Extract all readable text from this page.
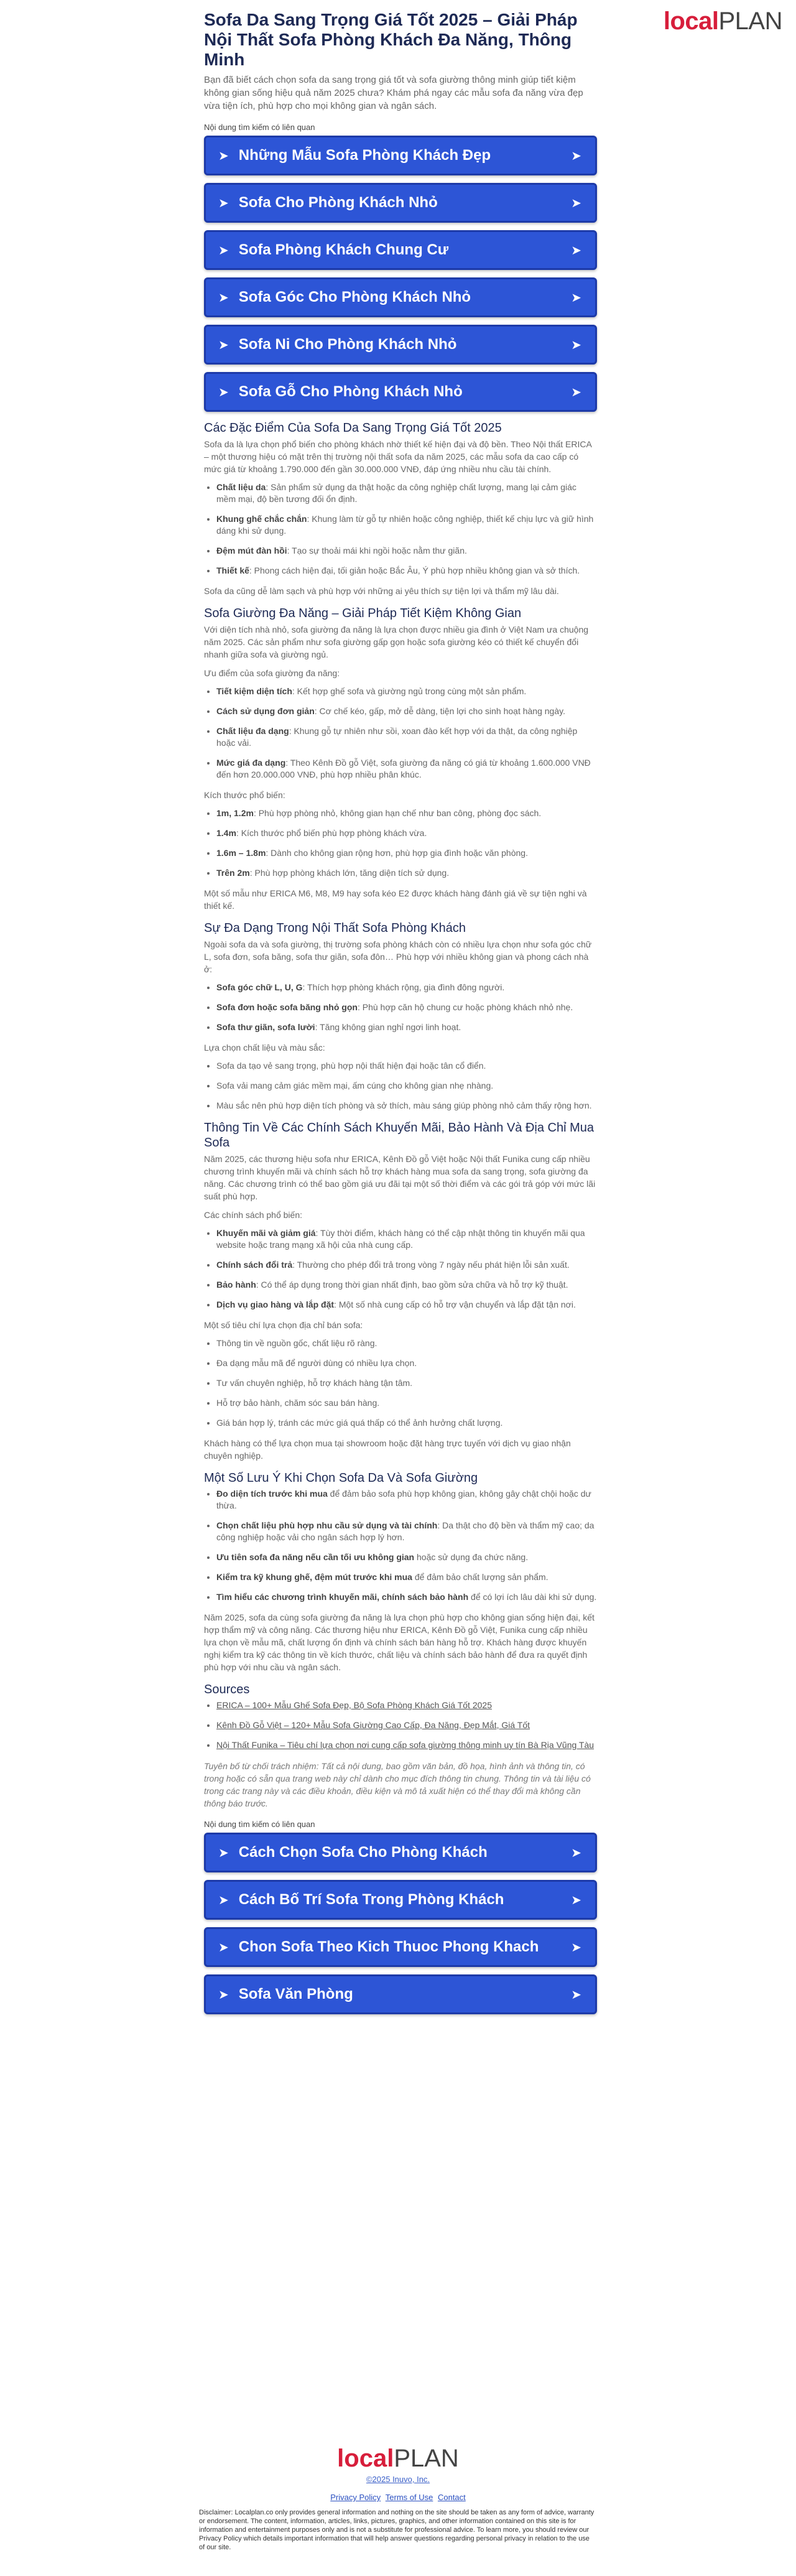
localPLAN
Sofa Da Sang Trọng Giá Tốt 2025 – Giải Pháp Nội Thất Sofa Phòng Khách Đa Năng, Thông Minh

Bạn đã biết cách chọn sofa da sang trọng giá tốt và sofa giường thông minh giúp tiết kiệm không gian sống hiệu quả năm 2025 chưa? Khám phá ngay các mẫu sofa đa năng vừa đẹp vừa tiện ích, phù hợp cho mọi không gian và ngân sách.

Nội dung tìm kiếm có liên quan
➤ Những Mẫu Sofa Phòng Khách Đẹp	➤
➤ Sofa Cho Phòng Khách Nhỏ	➤
➤ Sofa Phòng Khách Chung Cư	➤
➤ Sofa Góc Cho Phòng Khách Nhỏ	➤
➤ Sofa Ni Cho Phòng Khách Nhỏ	➤
➤ Sofa Gỗ Cho Phòng Khách Nhỏ	➤
Các Đặc Điểm Của Sofa Da Sang Trọng Giá Tốt 2025

Sofa da là lựa chọn phổ biến cho phòng khách nhờ thiết kế hiện đại và độ bền. Theo Nội thất ERICA – một thương hiệu có mặt trên thị trường nội thất sofa da năm 2025, các mẫu sofa da cao cấp có mức giá từ khoảng 1.790.000 đến gần 30.000.000 VNĐ, đáp ứng nhiều nhu cầu tài chính.

• Chất liệu da: Sản phẩm sử dụng da thật hoặc da công nghiệp chất lượng, mang lại cảm giác mềm mại, độ bền tương đối ổn định.
• Khung ghế chắc chắn: Khung làm từ gỗ tự nhiên hoặc công nghiệp, thiết kế chịu lực và giữ hình dáng khi sử dụng.
• Đệm mút đàn hồi: Tạo sự thoải mái khi ngồi hoặc nằm thư giãn.
• Thiết kế: Phong cách hiện đại, tối giản hoặc Bắc Âu, Ý phù hợp nhiều không gian và sở thích.

Sofa da cũng dễ làm sạch và phù hợp với những ai yêu thích sự tiện lợi và thẩm mỹ lâu dài.

Sofa Giường Đa Năng – Giải Pháp Tiết Kiệm Không Gian

Với diện tích nhà nhỏ, sofa giường đa năng là lựa chọn được nhiều gia đình ở Việt Nam ưa chuộng năm 2025. Các sản phẩm như sofa giường gấp gọn hoặc sofa giường kéo có thiết kế chuyển đổi nhanh giữa sofa và giường ngủ.

Ưu điểm của sofa giường đa năng:

• Tiết kiệm diện tích: Kết hợp ghế sofa và giường ngủ trong cùng một sản phẩm.
• Cách sử dụng đơn giản: Cơ chế kéo, gấp, mở dễ dàng, tiện lợi cho sinh hoạt hàng ngày.
• Chất liệu đa dạng: Khung gỗ tự nhiên như sồi, xoan đào kết hợp với da thật, da công nghiệp hoặc vải.
• Mức giá đa dạng: Theo Kênh Đồ gỗ Việt, sofa giường đa năng có giá từ khoảng 1.600.000 VNĐ đến hơn 20.000.000 VNĐ, phù hợp nhiều phân khúc.

Kích thước phổ biến:

• 1m, 1.2m: Phù hợp phòng nhỏ, không gian hạn chế như ban công, phòng đọc sách.
• 1.4m: Kích thước phổ biến phù hợp phòng khách vừa.
• 1.6m – 1.8m: Dành cho không gian rộng hơn, phù hợp gia đình hoặc văn phòng.
• Trên 2m: Phù hợp phòng khách lớn, tăng diện tích sử dụng.

Một số mẫu như ERICA M6, M8, M9 hay sofa kéo E2 được khách hàng đánh giá về sự tiện nghi và thiết kế.

Sự Đa Dạng Trong Nội Thất Sofa Phòng Khách

Ngoài sofa da và sofa giường, thị trường sofa phòng khách còn có nhiều lựa chọn như sofa góc chữ L, sofa đơn, sofa băng, sofa thư giãn, sofa đôn… Phù hợp với nhiều không gian và phong cách nhà ở:

• Sofa góc chữ L, U, G: Thích hợp phòng khách rộng, gia đình đông người.
• Sofa đơn hoặc sofa băng nhỏ gọn: Phù hợp căn hộ chung cư hoặc phòng khách nhỏ nhẹ.
• Sofa thư giãn, sofa lười: Tăng không gian nghỉ ngơi linh hoạt.

Lựa chọn chất liệu và màu sắc:

• Sofa da tạo vẻ sang trọng, phù hợp nội thất hiện đại hoặc tân cổ điển.
• Sofa vải mang cảm giác mềm mại, ấm cúng cho không gian nhẹ nhàng.
• Màu sắc nên phù hợp diện tích phòng và sở thích, màu sáng giúp phòng nhỏ cảm thấy rộng hơn.
Thông Tin Về Các Chính Sách Khuyến Mãi, Bảo Hành Và Địa Chỉ Mua Sofa

Năm 2025, các thương hiệu sofa như ERICA, Kênh Đồ gỗ Việt hoặc Nội thất Funika cung cấp nhiều chương trình khuyến mãi và chính sách hỗ trợ khách hàng mua sofa da sang trọng, sofa giường đa năng. Các chương trình có thể bao gồm giá ưu đãi tại một số thời điểm và các gói trả góp với mức lãi suất phù hợp.

Các chính sách phổ biến:

• Khuyến mãi và giảm giá: Tùy thời điểm, khách hàng có thể cập nhật thông tin khuyến mãi qua website hoặc trang mạng xã hội của nhà cung cấp.
• Chính sách đổi trả: Thường cho phép đổi trả trong vòng 7 ngày nếu phát hiện lỗi sản xuất.
• Bảo hành: Có thể áp dụng trong thời gian nhất định, bao gồm sửa chữa và hỗ trợ kỹ thuật.
• Dịch vụ giao hàng và lắp đặt: Một số nhà cung cấp có hỗ trợ vận chuyển và lắp đặt tận nơi.

Một số tiêu chí lựa chọn địa chỉ bán sofa:

• Thông tin về nguồn gốc, chất liệu rõ ràng.
• Đa dạng mẫu mã để người dùng có nhiều lựa chọn.
• Tư vấn chuyên nghiệp, hỗ trợ khách hàng tận tâm.
• Hỗ trợ bảo hành, chăm sóc sau bán hàng.
• Giá bán hợp lý, tránh các mức giá quá thấp có thể ảnh hưởng chất lượng.

Khách hàng có thể lựa chọn mua tại showroom hoặc đặt hàng trực tuyến với dịch vụ giao nhận chuyên nghiệp.

Một Số Lưu Ý Khi Chọn Sofa Da Và Sofa Giường
• Đo diện tích trước khi mua để đảm bảo sofa phù hợp không gian, không gây chật chội hoặc dư thừa.
• Chọn chất liệu phù hợp nhu cầu sử dụng và tài chính: Da thật cho độ bền và thẩm mỹ cao; da công nghiệp hoặc vải cho ngân sách hợp lý hơn.
• Ưu tiên sofa đa năng nếu cần tối ưu không gian hoặc sử dụng đa chức năng.
• Kiểm tra kỹ khung ghế, đệm mút trước khi mua để đảm bảo chất lượng sản phẩm.
• Tìm hiểu các chương trình khuyến mãi, chính sách bảo hành để có lợi ích lâu dài khi sử dụng.

Năm 2025, sofa da cùng sofa giường đa năng là lựa chọn phù hợp cho không gian sống hiện đại, kết hợp thẩm mỹ và công năng. Các thương hiệu như ERICA, Kênh Đồ gỗ Việt, Funika cung cấp nhiều lựa chọn về mẫu mã, chất lượng ổn định và chính sách bán hàng hỗ trợ. Khách hàng được khuyến nghị kiểm tra kỹ các thông tin về kích thước, chất liệu và chính sách bảo hành để đưa ra quyết định phù hợp với nhu cầu và ngân sách.

Sources
• ERICA – 100+ Mẫu Ghế Sofa Đẹp, Bộ Sofa Phòng Khách Giá Tốt 2025
• Kênh Đồ Gỗ Việt – 120+ Mẫu Sofa Giường Cao Cấp, Đa Năng, Đẹp Mắt, Giá Tốt
• Nội Thất Funika – Tiêu chí lựa chọn nơi cung cấp sofa giường thông minh uy tín Bà Rịa Vũng Tàu
Tuyên bố từ chối trách nhiệm: Tất cả nội dung, bao gồm văn bản, đồ họa, hình ảnh và thông tin, có trong hoặc có sẵn qua trang web này chỉ dành cho mục đích thông tin chung. Thông tin và tài liệu có trong các trang này và các điều khoản, điều kiện và mô tả xuất hiện có thể thay đổi mà không cần thông báo trước.
Nội dung tìm kiếm có liên quan
➤ Cách Chọn Sofa Cho Phòng Khách	➤
➤ Cách Bố Trí Sofa Trong Phòng Khách	➤
➤ Chon Sofa Theo Kich Thuoc Phong Khach	➤
➤ Sofa Văn Phòng	➤
localPLAN
©2025 Inuvo, Inc.
Privacy Policy Terms of Use Contact
Disclaimer: Localplan.co only provides general information and nothing on the site should be taken as any form of advice, warranty or endorsement. The content, information, articles, links, pictures, graphics, and other information contained on this site is for information and entertainment purposes only and is not a substitute for professional advice. To learn more, you should review our Privacy Policy which details important information that will help answer questions regarding personal privacy in relation to the use of our site.
